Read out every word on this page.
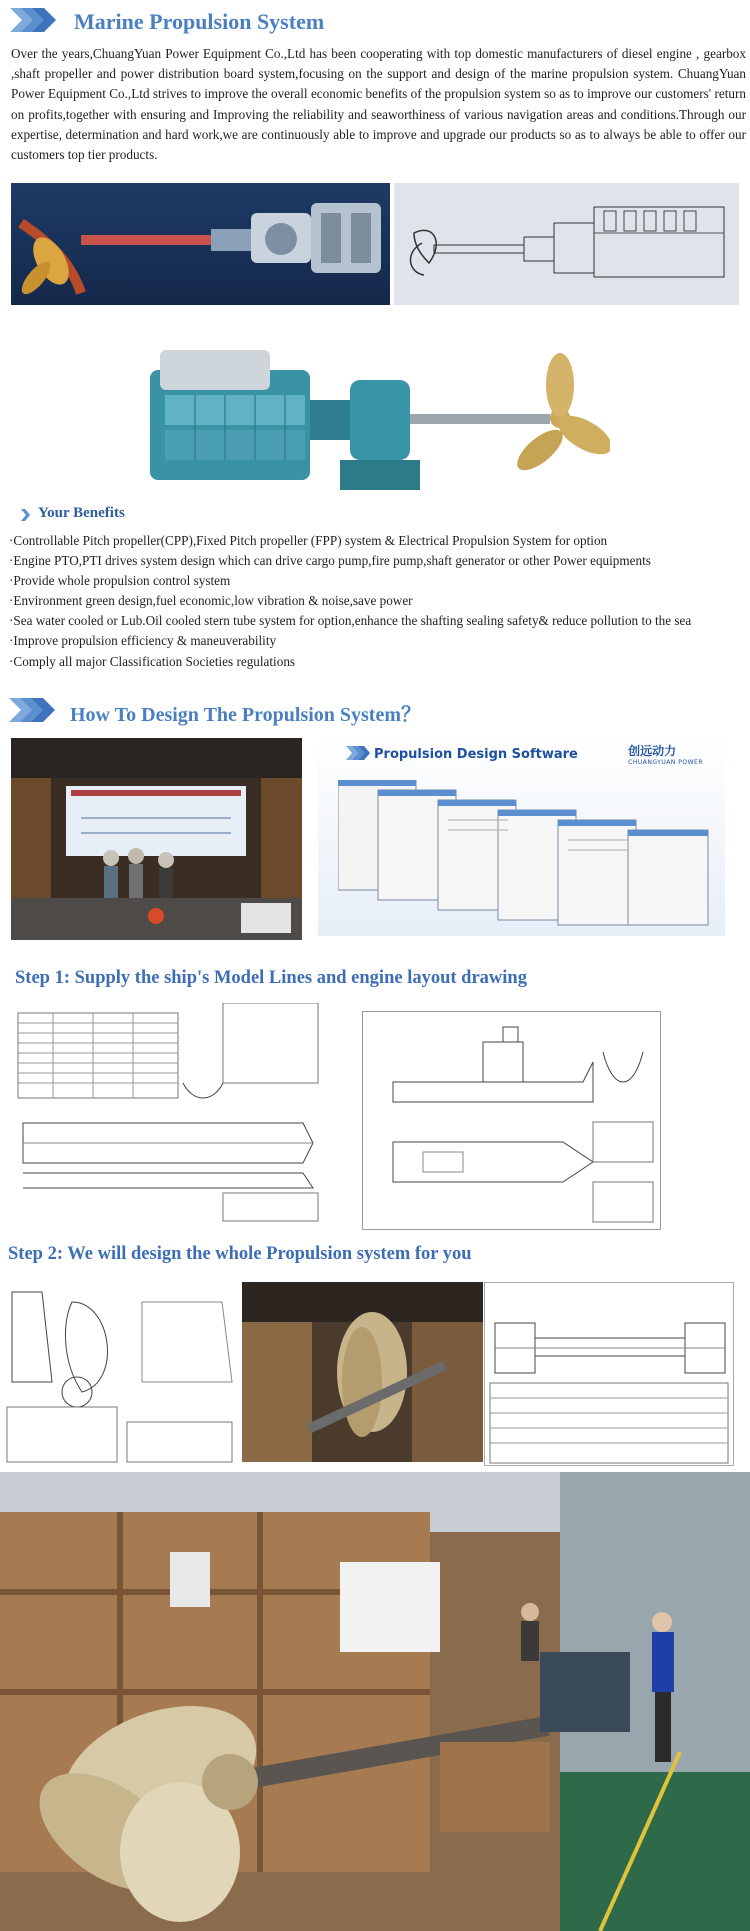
Marine Propulsion System
Over the years,ChuangYuan Power Equipment Co.,Ltd has been cooperating with top domestic manufacturers of diesel engine , gearbox ,shaft propeller and power distribution board system,focusing on the support and design of the marine propulsion system. ChuangYuan Power Equipment Co.,Ltd strives to improve the overall economic benefits of the propulsion system so as to improve our customers' return on profits,together with ensuring and Improving the reliability and seaworthiness of various navigation areas and conditions.Through our expertise, determination and hard work,we are continuously able to improve and upgrade our products so as to always be able to offer our customers top tier products.
Your Benefits
·Controllable Pitch propeller(CPP),Fixed Pitch propeller (FPP) system & Electrical Propulsion System for option
·Engine PTO,PTI drives system design which can drive cargo pump,fire pump,shaft generator or other Power equipments
·Provide whole propulsion control system
·Environment green design,fuel economic,low vibration & noise,save power
·Sea water cooled or Lub.Oil cooled stern tube system for option,enhance the shafting sealing safety& reduce pollution to the sea
·Improve propulsion efficiency & maneuverability
·Comply all major Classification Societies regulations
How To Design The Propulsion System？
Propulsion Design Software	创远动力
CHUANGYUAN POWER
Step 1: Supply the ship's Model Lines and engine layout drawing
Step 2: We will design the whole Propulsion system for you
